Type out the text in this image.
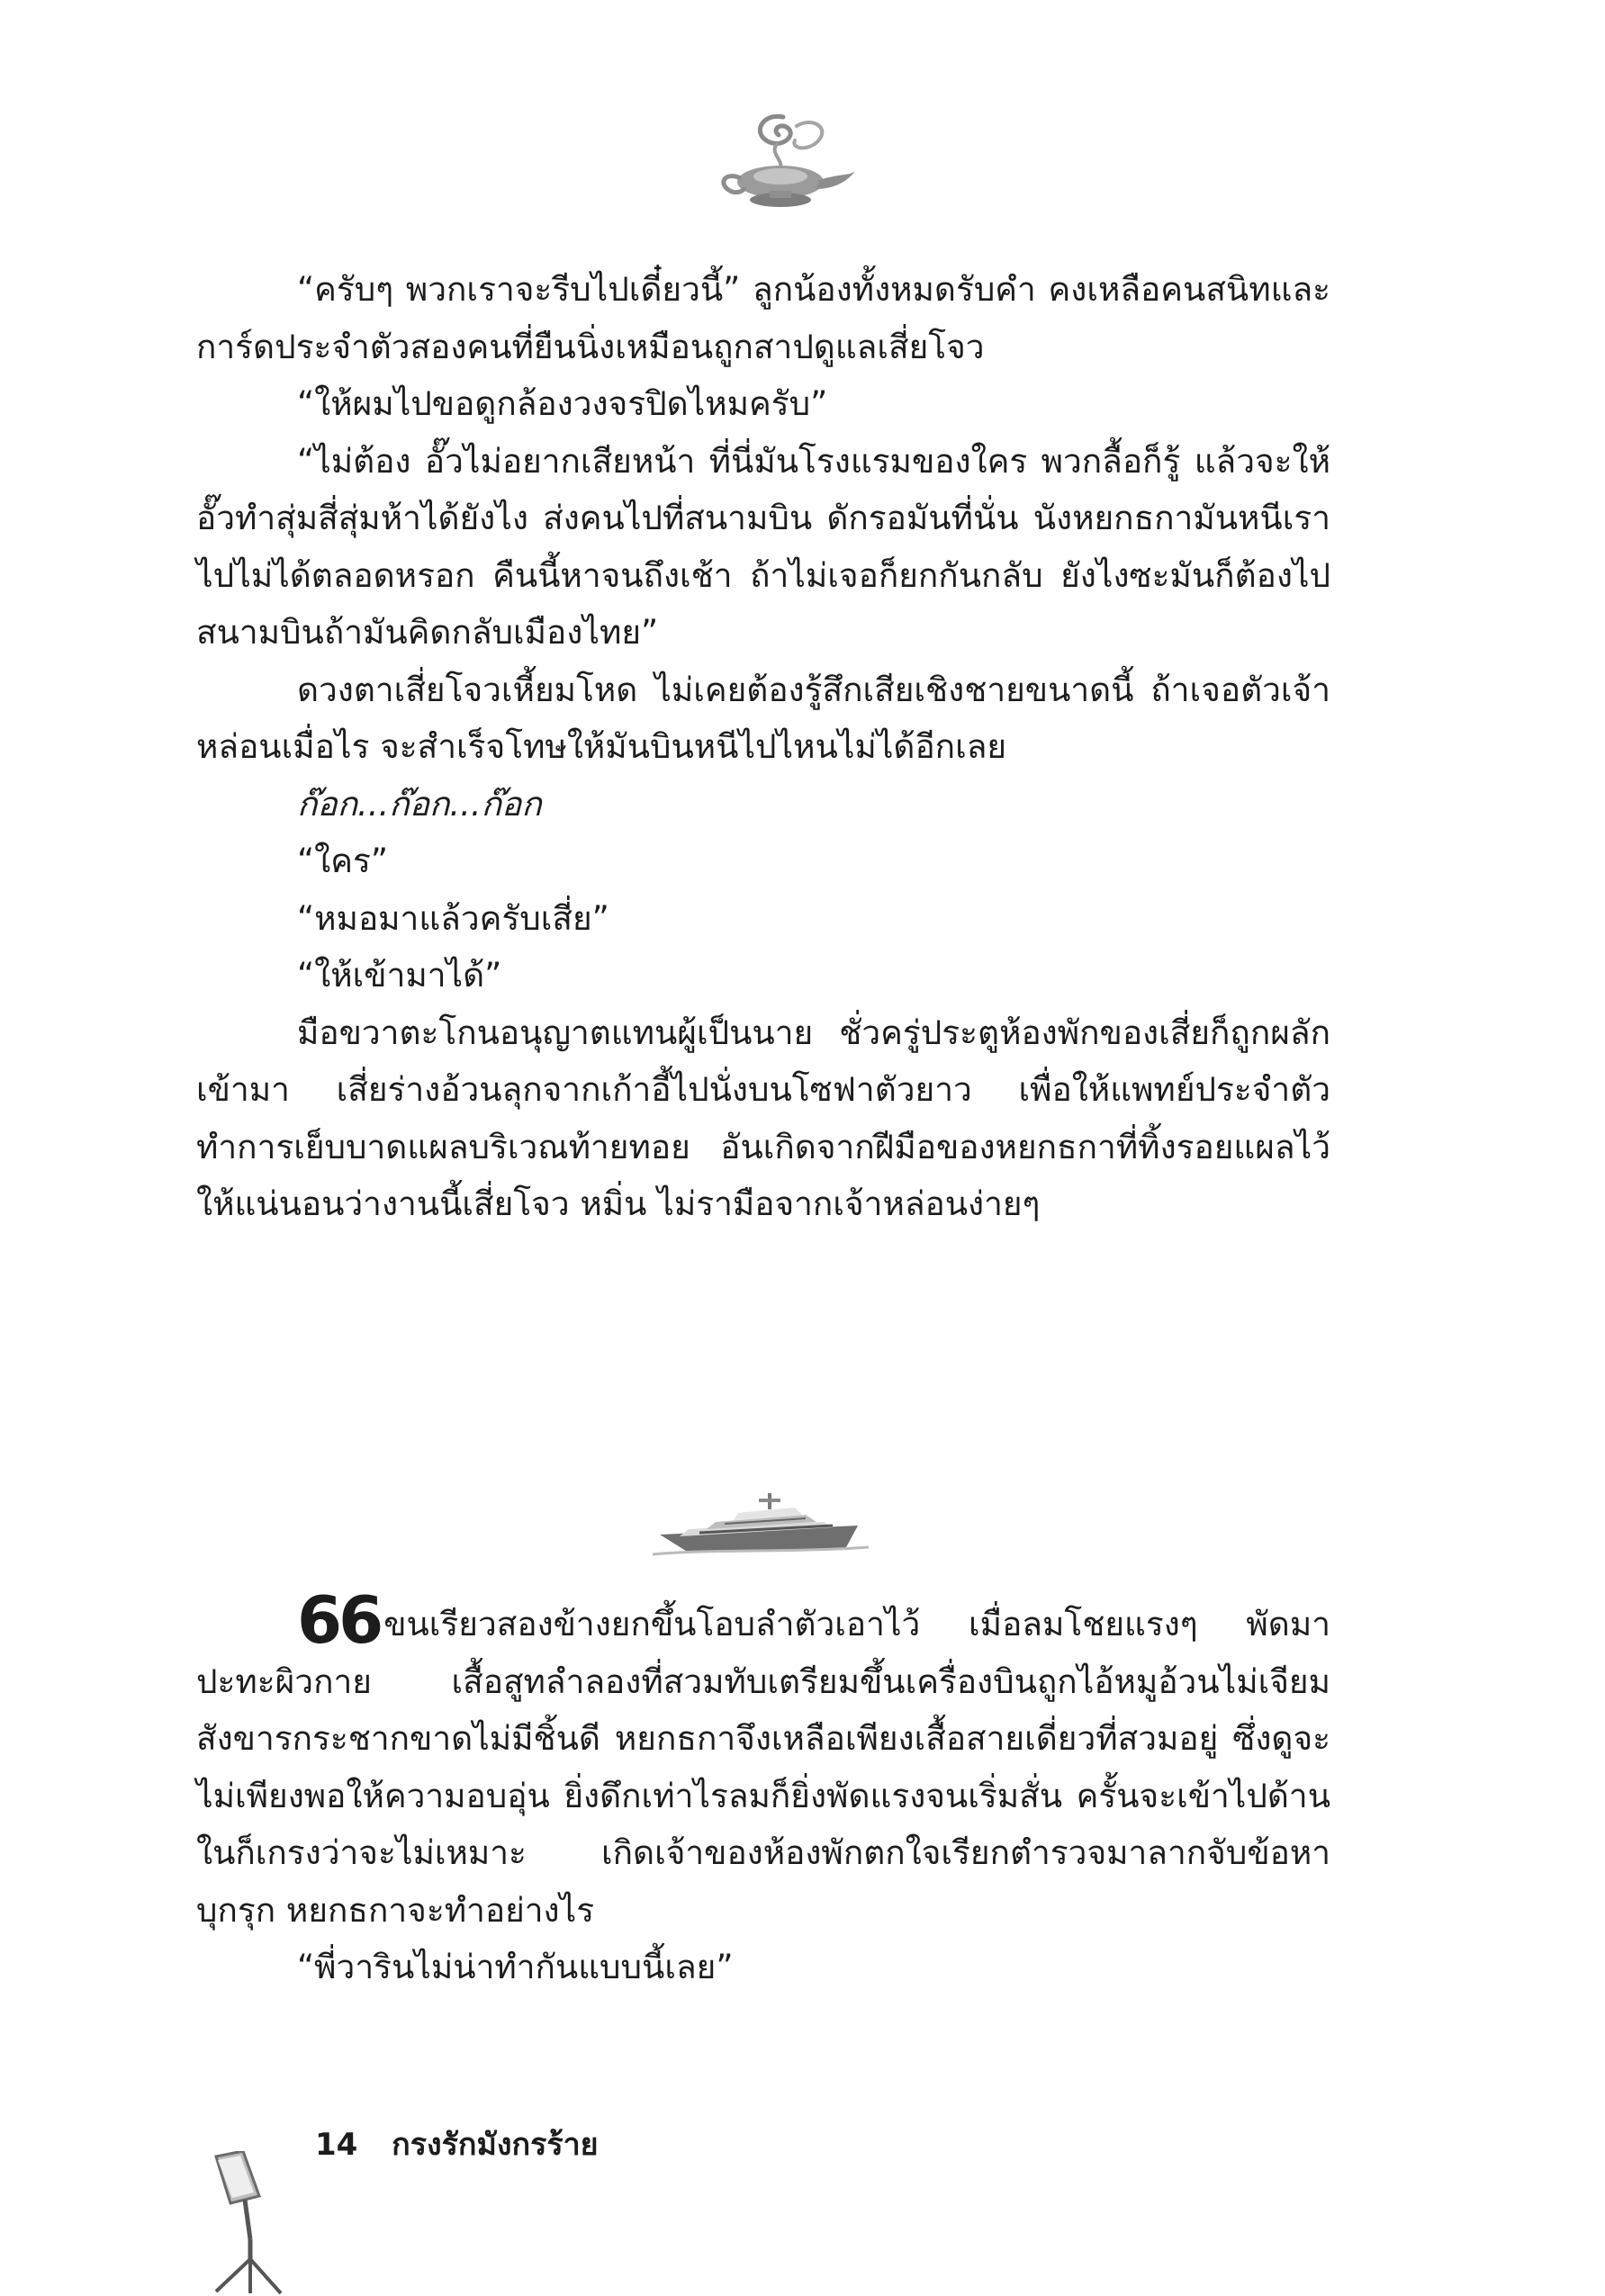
“ครับๆ พวกเราจะรีบไปเดี๋ยวนี้” ลูกน้องทั้งหมดรับคำ คงเหลือคนสนิทและการ์ดประจำตัวสองคนที่ยืนนิ่งเหมือนถูกสาปดูแลเสี่ยโจว

“ให้ผมไปขอดูกล้องวงจรปิดไหมครับ”

“ไม่ต้อง อั๊วไม่อยากเสียหน้า ที่นี่มันโรงแรมของใคร พวกลื้อก็รู้ แล้วจะให้อั๊วทำสุ่มสี่สุ่มห้าได้ยังไง ส่งคนไปที่สนามบิน ดักรอมันที่นั่น นังหยกธกามันหนีเราไปไม่ได้ตลอดหรอก คืนนี้หาจนถึงเช้า ถ้าไม่เจอก็ยกกันกลับ ยังไงซะมันก็ต้องไปสนามบินถ้ามันคิดกลับเมืองไทย”

ดวงตาเสี่ยโจวเหี้ยมโหด ไม่เคยต้องรู้สึกเสียเชิงชายขนาดนี้ ถ้าเจอตัวเจ้าหล่อนเมื่อไร จะสำเร็จโทษให้มันบินหนีไปไหนไม่ได้อีกเลย

ก๊อก...ก๊อก...ก๊อก

“ใคร”

“หมอมาแล้วครับเสี่ย”

“ให้เข้ามาได้”

มือขวาตะโกนอนุญาตแทนผู้เป็นนาย ชั่วครู่ประตูห้องพักของเสี่ยก็ถูกผลักเข้ามา เสี่ยร่างอ้วนลุกจากเก้าอี้ไปนั่งบนโซฟาตัวยาว เพื่อให้แพทย์ประจำตัวทำการเย็บบาดแผลบริเวณท้ายทอย อันเกิดจากฝีมือของหยกธกาที่ทิ้งรอยแผลไว้ให้แน่นอนว่างานนี้เสี่ยโจว หมิ่น ไม่รามือจากเจ้าหล่อนง่ายๆ

66 ขนเรียวสองข้างยกขึ้นโอบลำตัวเอาไว้ เมื่อลมโชยแรงๆ พัดมาปะทะผิวกาย เสื้อสูทลำลองที่สวมทับเตรียมขึ้นเครื่องบินถูกไอ้หมูอ้วนไม่เจียมสังขารกระชากขาดไม่มีชิ้นดี หยกธกาจึงเหลือเพียงเสื้อสายเดี่ยวที่สวมอยู่ ซึ่งดูจะไม่เพียงพอให้ความอบอุ่น ยิ่งดึกเท่าไรลมก็ยิ่งพัดแรงจนเริ่มสั่น ครั้นจะเข้าไปด้านในก็เกรงว่าจะไม่เหมาะ เกิดเจ้าของห้องพักตกใจเรียกตำรวจมาลากจับข้อหาบุกรุก หยกธกาจะทำอย่างไร

“พี่วารินไม่น่าทำกันแบบนี้เลย”

14 กรงรักมังกรร้าย
